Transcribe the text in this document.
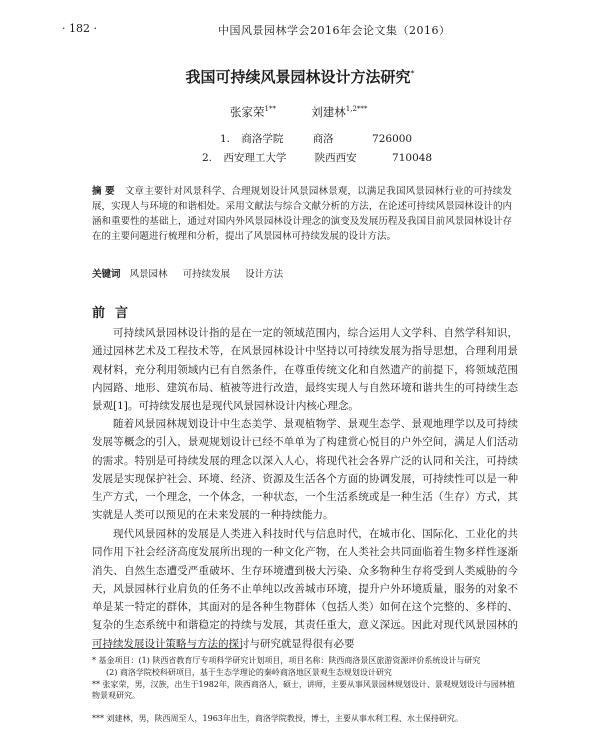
· 182 ·	中国风景园林学会2016年会论文集（2016）
我国可持续风景园林设计方法研究*
张家荣$^{1**}$	刘建林$^{1,2***}$
1. 商洛学院	商洛	726000
2. 西安理工大学	陕西西安	710048
摘 要 文章主要针对风景科学、合理规划设计风景园林景观，以满足我国风景园林行业的可持续发展，实现人与环境的和谐相处。采用文献法与综合文献分析的方法，在论述可持续风景园林设计的内涵和重要性的基础上，通过对国内外风景园林设计理念的演变及发展历程及我国目前风景园林设计存在的主要问题进行梳理和分析，提出了风景园林可持续发展的设计方法。
关键词 风景园林 可持续发展 设计方法
前言

可持续风景园林设计指的是在一定的领域范围内，综合运用人文学科、自然学科知识，通过园林艺术及工程技术等，在风景园林设计中坚持以可持续发展为指导思想，合理利用景观材料，充分利用领域内已有自然条件，在尊重传统文化和自然遗产的前提下，将领域范围内园路、地形、建筑布局、植被等进行改造，最终实现人与自然环境和谐共生的可持续生态景观[1]。可持续发展也是现代风景园林设计内核心理念。

随着风景园林规划设计中生态美学、景观植物学、景观生态学、景观地理学以及可持续发展等概念的引入，景观规划设计已经不单单为了构建赏心悦目的户外空间，满足人们活动的需求。特别是可持续发展的理念以深入人心，将现代社会各界广泛的认同和关注，可持续发展是实现保护社会、环境、经济、资源及生活各个方面的协调发展，可持续性可以是一种生产方式，一个理念，一个体念，一种状态，一个生活系统或是一种生活（生存）方式，其实就是人类可以预见的在未来发展的一种持续能力。

现代风景园林的发展是人类进入科技时代与信息时代，在城市化、国际化、工业化的共同作用下社会经济高度发展所出现的一种文化产物，在人类社会共同面临着生物多样性逐渐消失、自然生态遭受严重破坏、生存环境遭到极大污染、众多物种生存将受到人类威胁的今天，风景园林行业肩负的任务不止单纯以改善城市环境，提升户外环境质量，服务的对象不单是某一特定的群体，其面对的是各种生物群体（包括人类）如何在这个完整的、多样的、复杂的生态系统中和谐稳定的持续与发展，其责任重大，意义深远。因此对现代风景园林的可持续发展设计策略与方法的探讨与研究就显得很有必要

* 基金项目：(1) 陕西省教育厅专项科学研究计划项目，项目名称：陕西商洛景区旅游资源评价系统设计与研究

(2) 商洛学院校科研项目，基于生态学理论的秦岭商洛地区景观生态规划设计研究

** 张家荣，男，汉族，出生于1982年，陕西商洛人，硕士，讲师，主要从事风景园林规划设计、景观规划设计与园林植物景观研究。

*** 刘建林，男，陕西周至人，1963年出生，商洛学院教授，博士，主要从事水利工程、水土保持研究。
